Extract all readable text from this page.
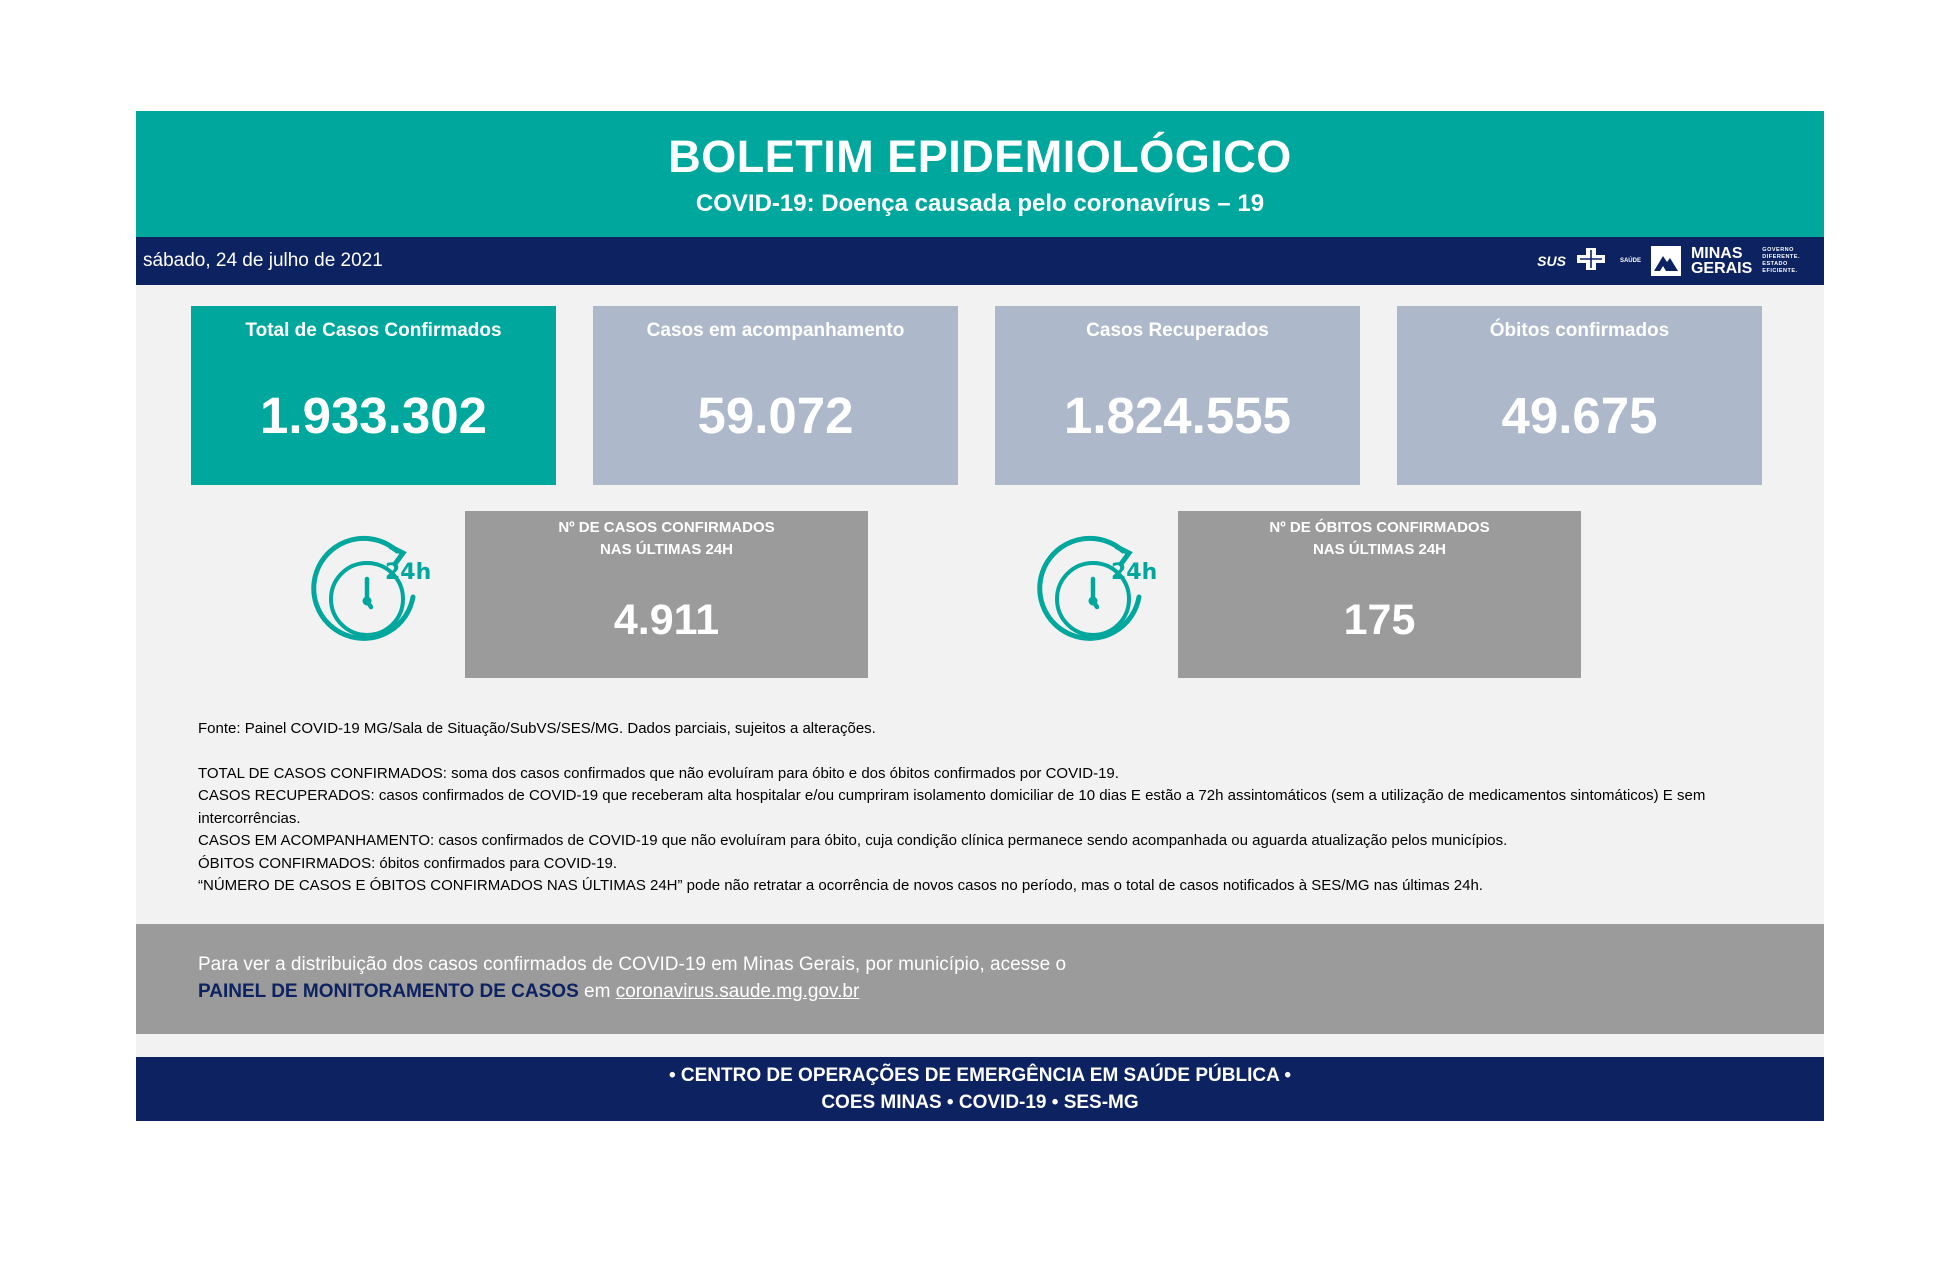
BOLETIM EPIDEMIOLÓGICO
COVID-19: Doença causada pelo coronavírus – 19
sábado, 24 de julho de 2021	SUS	SAÚDE	MINAS
GERAIS
GOVERNO
DIFERENTE.
ESTADO
EFICIENTE.
Total de Casos Confirmados
1.933.302
Casos em acompanhamento
59.072
Casos Recuperados
1.824.555
Óbitos confirmados
49.675
24h
Nº DE CASOS CONFIRMADOS
NAS ÚLTIMAS 24H
4.911
24h
Nº DE ÓBITOS CONFIRMADOS
NAS ÚLTIMAS 24H
175

Fonte: Painel COVID-19 MG/Sala de Situação/SubVS/SES/MG. Dados parciais, sujeitos a alterações.

TOTAL DE CASOS CONFIRMADOS: soma dos casos confirmados que não evoluíram para óbito e dos óbitos confirmados por COVID-19.

CASOS RECUPERADOS: casos confirmados de COVID-19 que receberam alta hospitalar e/ou cumpriram isolamento domiciliar de 10 dias E estão a 72h assintomáticos (sem a utilização de medicamentos sintomáticos) E sem intercorrências.

CASOS EM ACOMPANHAMENTO: casos confirmados de COVID-19 que não evoluíram para óbito, cuja condição clínica permanece sendo acompanhada ou aguarda atualização pelos municípios.

ÓBITOS CONFIRMADOS: óbitos confirmados para COVID-19.

“NÚMERO DE CASOS E ÓBITOS CONFIRMADOS NAS ÚLTIMAS 24H” pode não retratar a ocorrência de novos casos no período, mas o total de casos notificados à SES/MG nas últimas 24h.

Para ver a distribuição dos casos confirmados de COVID-19 em Minas Gerais, por município, acesse o
PAINEL DE MONITORAMENTO DE CASOS em coronavirus.saude.mg.gov.br
• CENTRO DE OPERAÇÕES DE EMERGÊNCIA EM SAÚDE PÚBLICA •
COES MINAS • COVID-19 • SES-MG
